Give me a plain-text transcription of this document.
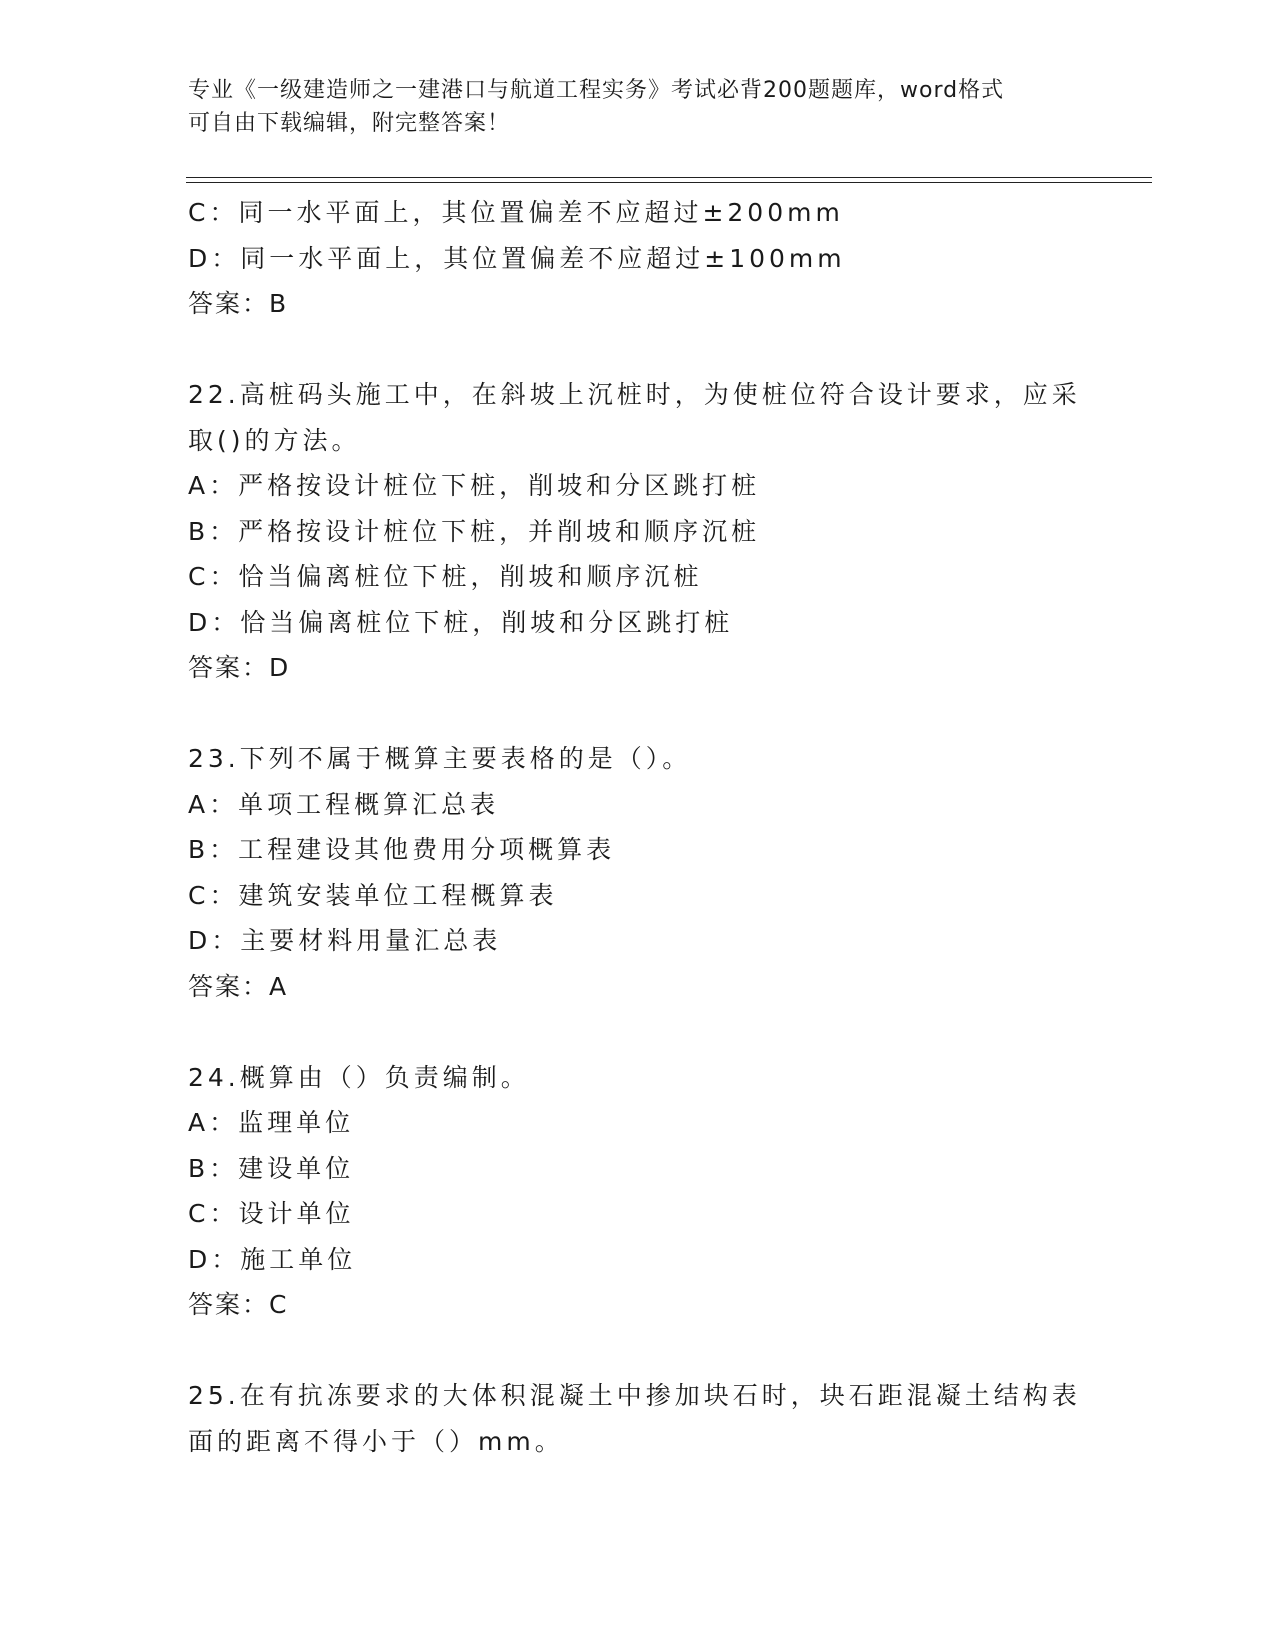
专业《一级建造师之一建港口与航道工程实务》考试必背200题题库，word格式
可自由下载编辑，附完整答案！
C：同一水平面上，其位置偏差不应超过±200mm
D：同一水平面上，其位置偏差不应超过±100mm
答案：B
22.高桩码头施工中，在斜坡上沉桩时，为使桩位符合设计要求，应采
取()的方法。
A：严格按设计桩位下桩，削坡和分区跳打桩
B：严格按设计桩位下桩，并削坡和顺序沉桩
C：恰当偏离桩位下桩，削坡和顺序沉桩
D：恰当偏离桩位下桩，削坡和分区跳打桩
答案：D
23.下列不属于概算主要表格的是（）。
A：单项工程概算汇总表
B：工程建设其他费用分项概算表
C：建筑安装单位工程概算表
D：主要材料用量汇总表
答案：A
24.概算由（）负责编制。
A：监理单位
B：建设单位
C：设计单位
D：施工单位
答案：C
25.在有抗冻要求的大体积混凝土中掺加块石时，块石距混凝土结构表
面的距离不得小于（）mm。
